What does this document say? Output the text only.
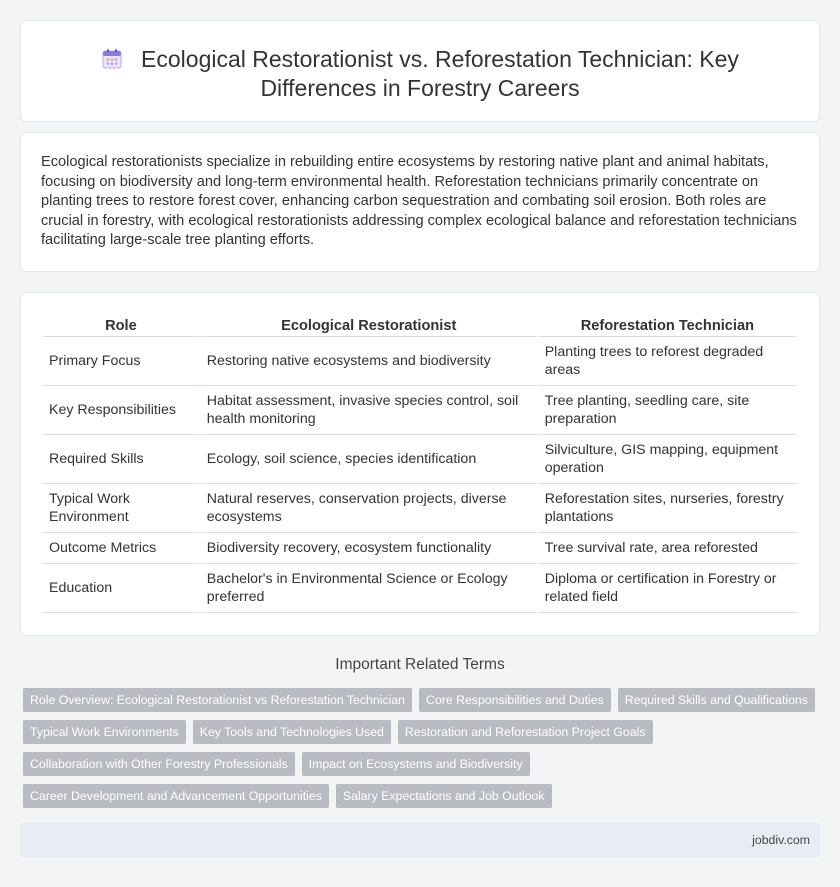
Ecological Restorationist vs. Reforestation Technician: Key Differences in Forestry Careers

Ecological restorationists specialize in rebuilding entire ecosystems by restoring native plant and animal habitats, focusing on biodiversity and long-term environmental health. Reforestation technicians primarily concentrate on planting trees to restore forest cover, enhancing carbon sequestration and combating soil erosion. Both roles are crucial in forestry, with ecological restorationists addressing complex ecological balance and reforestation technicians facilitating large-scale tree planting efforts.

Role	Ecological Restorationist	Reforestation Technician
Primary Focus	Restoring native ecosystems and biodiversity	Planting trees to reforest degraded areas
Key Responsibilities	Habitat assessment, invasive species control, soil health monitoring	Tree planting, seedling care, site preparation
Required Skills	Ecology, soil science, species identification	Silviculture, GIS mapping, equipment operation
Typical Work Environment	Natural reserves, conservation projects, diverse ecosystems	Reforestation sites, nurseries, forestry plantations
Outcome Metrics	Biodiversity recovery, ecosystem functionality	Tree survival rate, area reforested
Education	Bachelor's in Environmental Science or Ecology preferred	Diploma or certification in Forestry or related field
Important Related Terms
Role Overview: Ecological Restorationist vs Reforestation Technician	Core Responsibilities and Duties	Required Skills and Qualifications
Typical Work Environments	Key Tools and Technologies Used	Restoration and Reforestation Project Goals
Collaboration with Other Forestry Professionals	Impact on Ecosystems and Biodiversity
Career Development and Advancement Opportunities	Salary Expectations and Job Outlook
jobdiv.com
